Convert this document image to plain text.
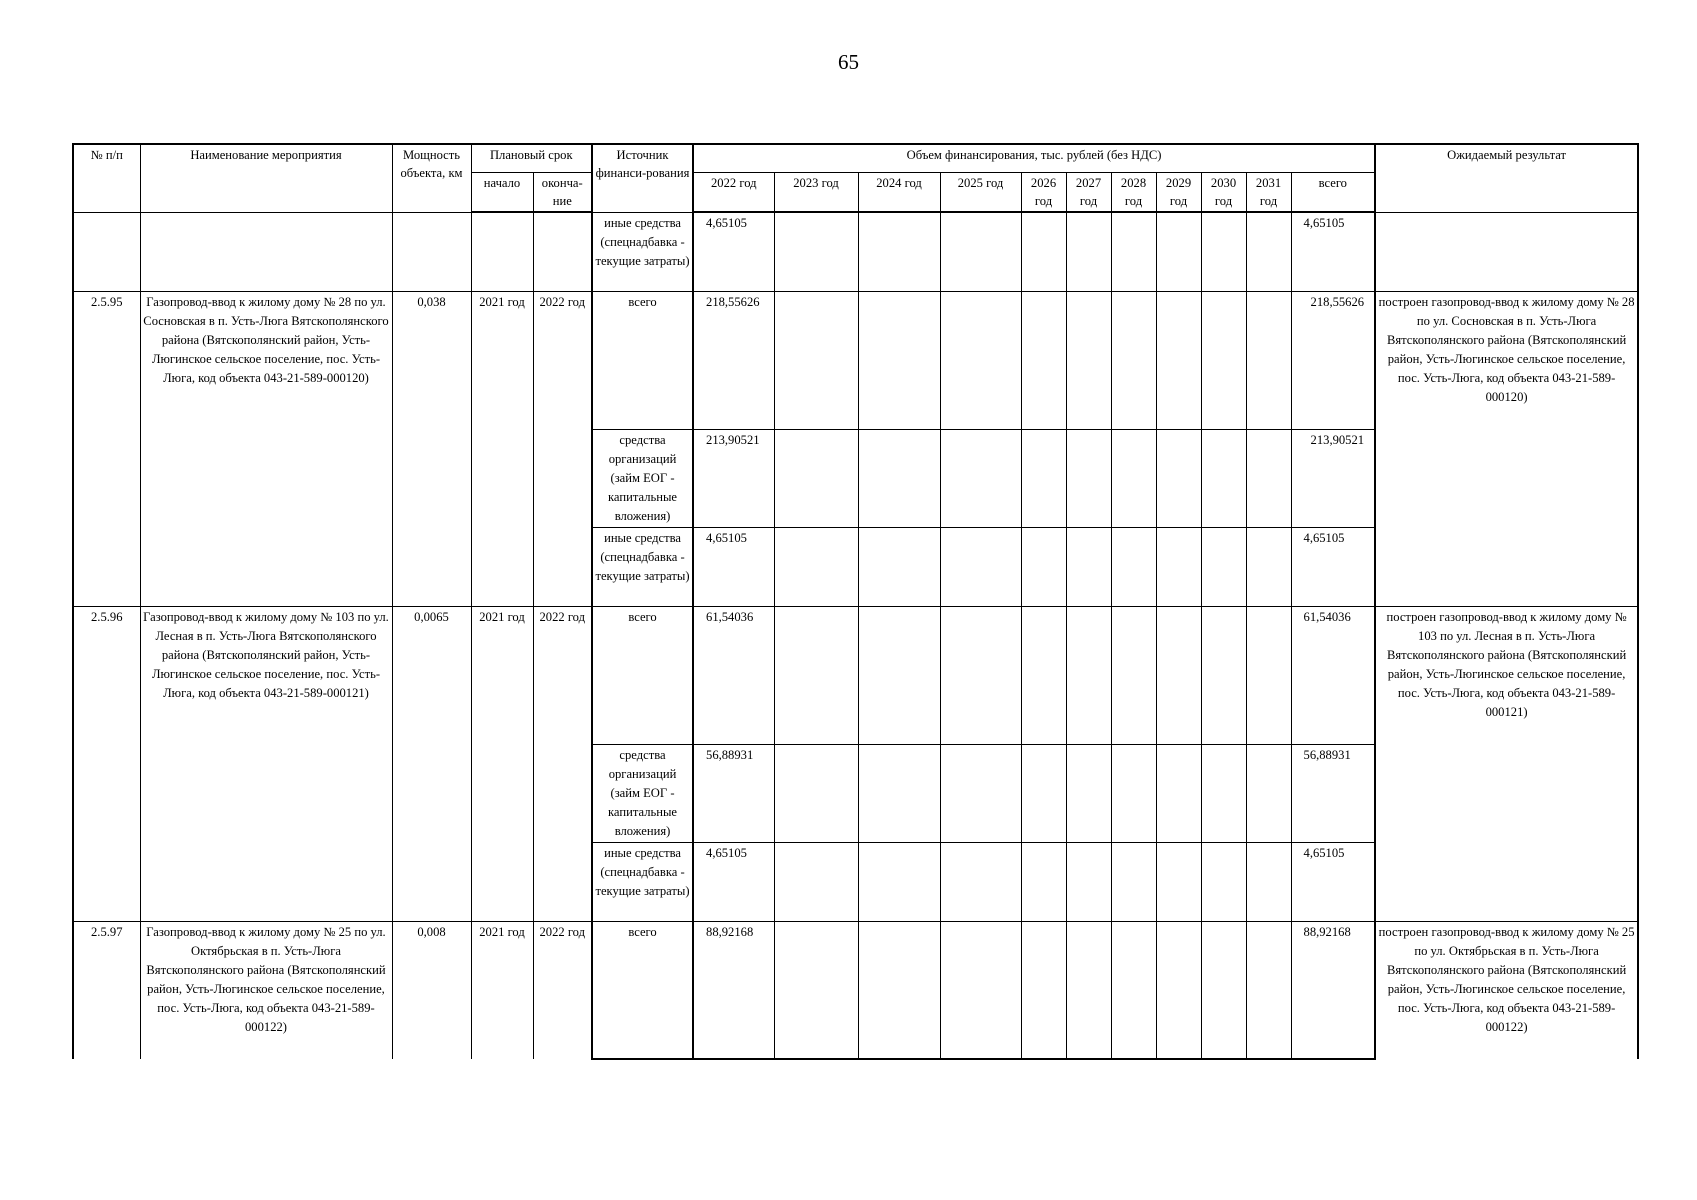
65
№ п/п	Наименование мероприятия	Мощность объекта, км	Плановый срок		Источник финанси-рования	Объем финансирования, тыс. рублей (без НДС)											Ожидаемый результат
			начало	оконча-ние		2022 год	2023 год	2024 год	2025 год	2026 год	2027 год	2028 год	2029 год	2030 год	2031 год	всего	
					иные средства (спецнадбавка - текущие затраты)	4,65105										4,65105	
2.5.95	Газопровод-ввод к жилому дому № 28 по ул. Сосновская в п. Усть-Люга Вятскополянского района (Вятскополянский район, Усть-Люгинское сельское поселение, пос. Усть-Люга, код объекта 043-21-589-000120)	0,038	2021 год	2022 год	всего	218,55626										218,55626	построен газопровод-ввод к жилому дому № 28 по ул. Сосновская в п. Усть-Люга Вятскополянского района (Вятскополянский район, Усть-Люгинское сельское поселение, пос. Усть-Люга, код объекта 043-21-589-000120)
					средства организаций (займ ЕОГ - капитальные вложения)	213,90521										213,90521	
					иные средства (спецнадбавка - текущие затраты)	4,65105										4,65105	
2.5.96	Газопровод-ввод к жилому дому № 103 по ул. Лесная в п. Усть-Люга Вятскополянского района (Вятскополянский район, Усть-Люгинское сельское поселение, пос. Усть-Люга, код объекта 043-21-589-000121)	0,0065	2021 год	2022 год	всего	61,54036										61,54036	построен газопровод-ввод к жилому дому № 103 по ул. Лесная в п. Усть-Люга Вятскополянского района (Вятскополянский район, Усть-Люгинское сельское поселение, пос. Усть-Люга, код объекта 043-21-589-000121)
					средства организаций (займ ЕОГ - капитальные вложения)	56,88931										56,88931	
					иные средства (спецнадбавка - текущие затраты)	4,65105										4,65105	
2.5.97	Газопровод-ввод к жилому дому № 25 по ул. Октябрьская в п. Усть-Люга Вятскополянского района (Вятскополянский район, Усть-Люгинское сельское поселение, пос. Усть-Люга, код объекта 043-21-589-000122)	0,008	2021 год	2022 год	всего	88,92168										88,92168	построен газопровод-ввод к жилому дому № 25 по ул. Октябрьская в п. Усть-Люга Вятскополянского района (Вятскополянский район, Усть-Люгинское сельское поселение, пос. Усть-Люга, код объекта 043-21-589-000122)
